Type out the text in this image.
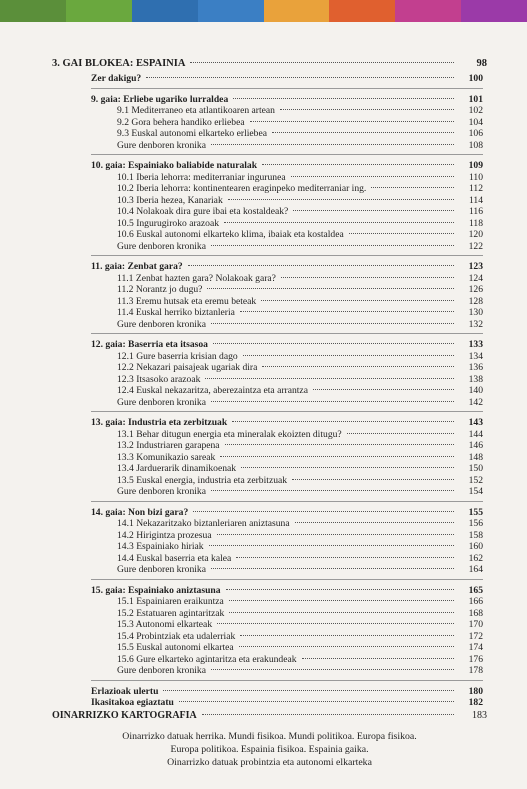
3. GAI BLOKEA: ESPAINIA	98
Zer dakigu?	100
9. gaia: Erliebe ugariko lurraldea	101
9.1 Mediterraneo eta atlantikoaren artean	102
9.2 Gora behera handiko erliebea	104
9.3 Euskal autonomi elkarteko erliebea	106
Gure denboren kronika	108
10. gaia: Espainiako baliabide naturalak	109
10.1 Iberia lehorra: mediterraniar ingurunea	110
10.2 Iberia lehorra: kontinentearen eraginpeko mediterraniar ing.	112
10.3 Iberia hezea, Kanariak	114
10.4 Nolakoak dira gure ibai eta kostaldeak?	116
10.5 Ingurugiroko arazoak	118
10.6 Euskal autonomi elkarteko klima, ibaiak eta kostaldea	120
Gure denboren kronika	122
11. gaia: Zenbat gara?	123
11.1 Zenbat hazten gara? Nolakoak gara?	124
11.2 Norantz jo dugu?	126
11.3 Eremu hutsak eta eremu beteak	128
11.4 Euskal herriko biztanleria	130
Gure denboren kronika	132
12. gaia: Baserria eta itsasoa	133
12.1 Gure baserria krisian dago	134
12.2 Nekazari paisajeak ugariak dira	136
12.3 Itsasoko arazoak	138
12.4 Euskal nekazaritza, aberezaintza eta arrantza	140
Gure denboren kronika	142
13. gaia: Industria eta zerbitzuak	143
13.1 Behar ditugun energia eta mineralak ekoizten ditugu?	144
13.2 Industriaren garapena	146
13.3 Komunikazio sareak	148
13.4 Jarduerarik dinamikoenak	150
13.5 Euskal energia, industria eta zerbitzuak	152
Gure denboren kronika	154
14. gaia: Non bizi gara?	155
14.1 Nekazaritzako biztanleriaren aniztasuna	156
14.2 Hirigintza prozesua	158
14.3 Espainiako hiriak	160
14.4 Euskal baserria eta kalea	162
Gure denboren kronika	164
15. gaia: Espainiako aniztasuna	165
15.1 Espainiaren eraikuntza	166
15.2 Estatuaren agintaritzak	168
15.3 Autonomi elkarteak	170
15.4 Probintziak eta udalerriak	172
15.5 Euskal autonomi elkartea	174
15.6 Gure elkarteko agintaritza eta erakundeak	176
Gure denboren kronika	178
Erlazioak ulertu	180
Ikasitakoa egiaztatu	182
OINARRIZKO KARTOGRAFIA	183
Oinarrizko datuak herrika. Mundi fisikoa. Mundi politikoa. Europa fisikoa.
Europa politikoa. Espainia fisikoa. Espainia gaika.
Oinarrizko datuak probintzia eta autonomi elkarteka
